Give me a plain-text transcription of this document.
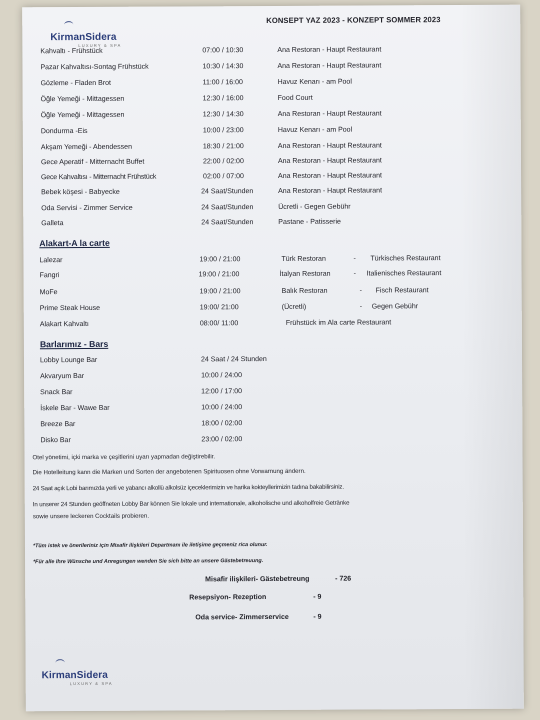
KirmanSidera
LUXURY & SPA
KONSEPT YAZ 2023 - KONZEPT SOMMER 2023
Kahvaltı - Frühstück	07:00 / 10:30	Ana Restoran - Haupt Restaurant
Pazar Kahvaltısı-Sontag Frühstück	10:30 / 14:30	Ana Restoran - Haupt Restaurant
Gözleme - Fladen Brot	11:00 / 16:00	Havuz Kenarı - am Pool
Öğle Yemeği - Mittagessen	12:30 / 16:00	Food Court
Öğle Yemeği - Mittagessen	12:30 / 14:30	Ana Restoran - Haupt Restaurant
Dondurma -Eis	10:00 / 23:00	Havuz Kenarı - am Pool
Akşam Yemeği - Abendessen	18:30 / 21:00	Ana Restoran - Haupt Restaurant
Gece Aperatif - Mitternacht Buffet	22:00 / 02:00	Ana Restoran - Haupt Restaurant
Gece Kahvaltısı - Mitternacht Frühstück	02:00 / 07:00	Ana Restoran - Haupt Restaurant
Bebek köşesi - Babyecke	24 Saat/Stunden	Ana Restoran - Haupt Restaurant
Oda Servisi - Zimmer Service	24 Saat/Stunden	Ücretli - Gegen Gebühr
Galleta	24 Saat/Stunden	Pastane - Patisserie
Alakart-A la carte
Lalezar	19:00 / 21:00	Türk Restoran	- Türkisches Restaurant
Fangri	19:00 / 21:00	İtalyan Restoran	- Italienisches Restaurant
MoFe	19:00 / 21:00	Balık Restoran	- Fisch Restaurant
Prime Steak House	19:00/ 21:00	(Ücretli)	- Gegen Gebühr
Alakart Kahvaltı	08:00/ 11:00	Frühstück im Ala carte Restaurant
Barlarımız - Bars
Lobby Lounge Bar	24 Saat / 24 Stunden
Akvaryum Bar	10:00 / 24:00
Snack Bar	12:00 / 17:00
İskele Bar - Wawe Bar	10:00 / 24:00
Breeze Bar	18:00 / 02:00
Disko Bar	23:00 / 02:00
Otel yönetimi, içki marka ve çeşitlerini uyarı yapmadan değiştirebilir.
Die Hotelleitung kann die Marken und Sorten der angebotenen Spirituosen ohne Vorwarnung ändern.
24 Saat açık Lobi barımızda yerli ve yabancı alkollü alkolsüz içeceklerimizin ve harika kokteyllerimizin tadına bakabilirsiniz.
In unserer 24 Stunden geöffneten Lobby Bar können Sie lokale und internationale, alkoholische und alkoholfreie Getränke
sowie unsere leckeren Cocktails probieren.
*Tüm istek ve önerileriniz için Misafir ilişkileri Departmanı ile iletişime geçmeniz rica olunur.
*Für alle Ihre Wünsche und Anregungen wenden Sie sich bitte an unsere Gästebetreuung.
Misafir ilişkileri- Gästebetreung	- 726
Resepsiyon- Rezeption	- 9
Oda service- Zimmerservice	- 9
KirmanSidera
LUXURY & SPA
